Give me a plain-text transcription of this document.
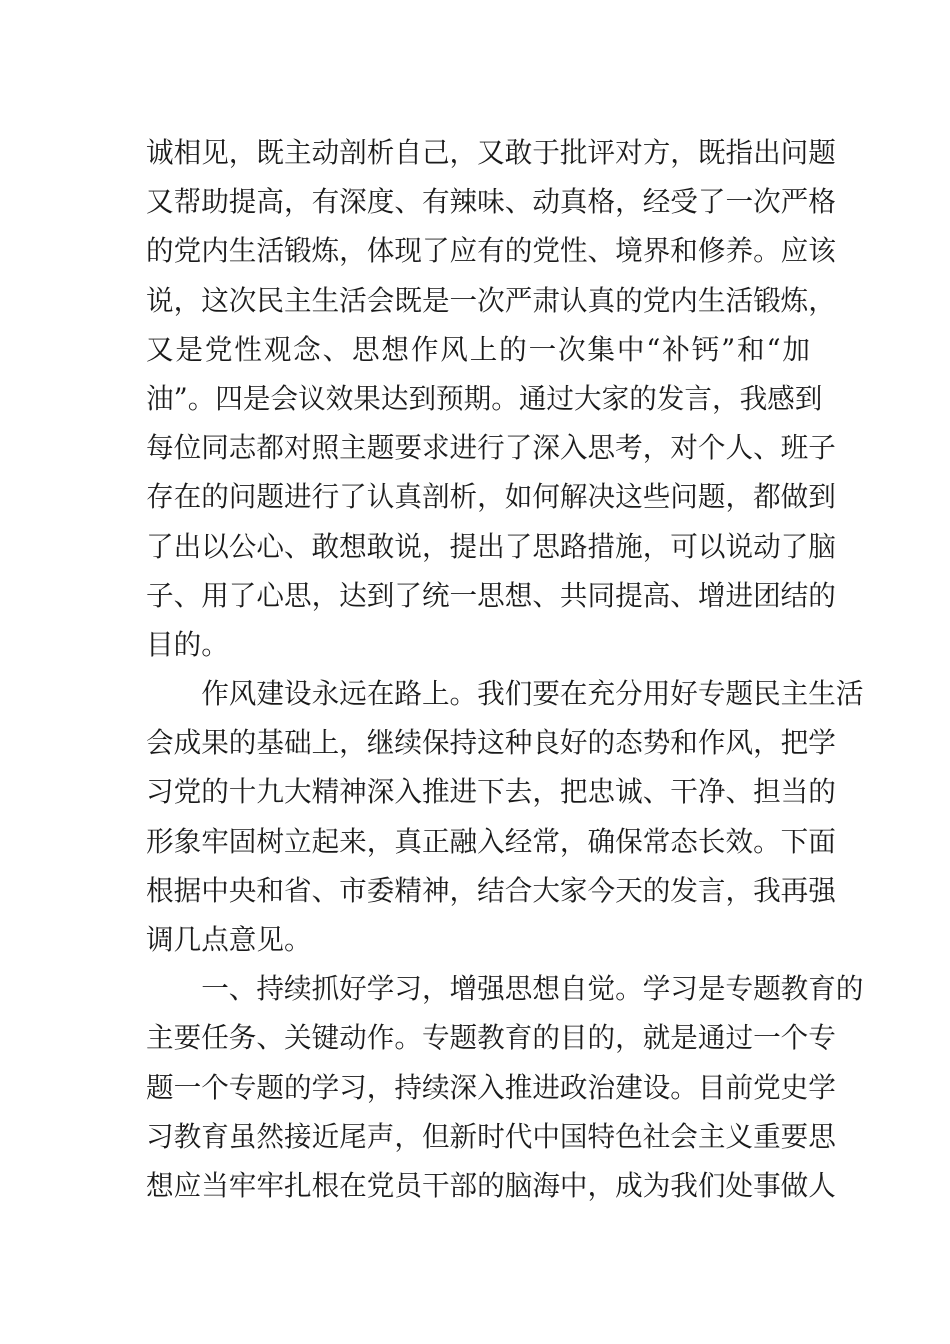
诚相见，既主动剖析自己，又敢于批评对方，既指出问题
又帮助提高，有深度、有辣味、动真格，经受了一次严格
的党内生活锻炼，体现了应有的党性、境界和修养。应该
说，这次民主生活会既是一次严肃认真的党内生活锻炼，
又是党性观念、思想作风上的一次集中“补钙”和“加
油”。四是会议效果达到预期。通过大家的发言，我感到
每位同志都对照主题要求进行了深入思考，对个人、班子
存在的问题进行了认真剖析，如何解决这些问题，都做到
了出以公心、敢想敢说，提出了思路措施，可以说动了脑
子、用了心思，达到了统一思想、共同提高、增进团结的
目的。
　　作风建设永远在路上。我们要在充分用好专题民主生活
会成果的基础上，继续保持这种良好的态势和作风，把学
习党的十九大精神深入推进下去，把忠诚、干净、担当的
形象牢固树立起来，真正融入经常，确保常态长效。下面
根据中央和省、市委精神，结合大家今天的发言，我再强
调几点意见。
　　一、持续抓好学习，增强思想自觉。学习是专题教育的
主要任务、关键动作。专题教育的目的，就是通过一个专
题一个专题的学习，持续深入推进政治建设。目前党史学
习教育虽然接近尾声，但新时代中国特色社会主义重要思
想应当牢牢扎根在党员干部的脑海中，成为我们处事做人
